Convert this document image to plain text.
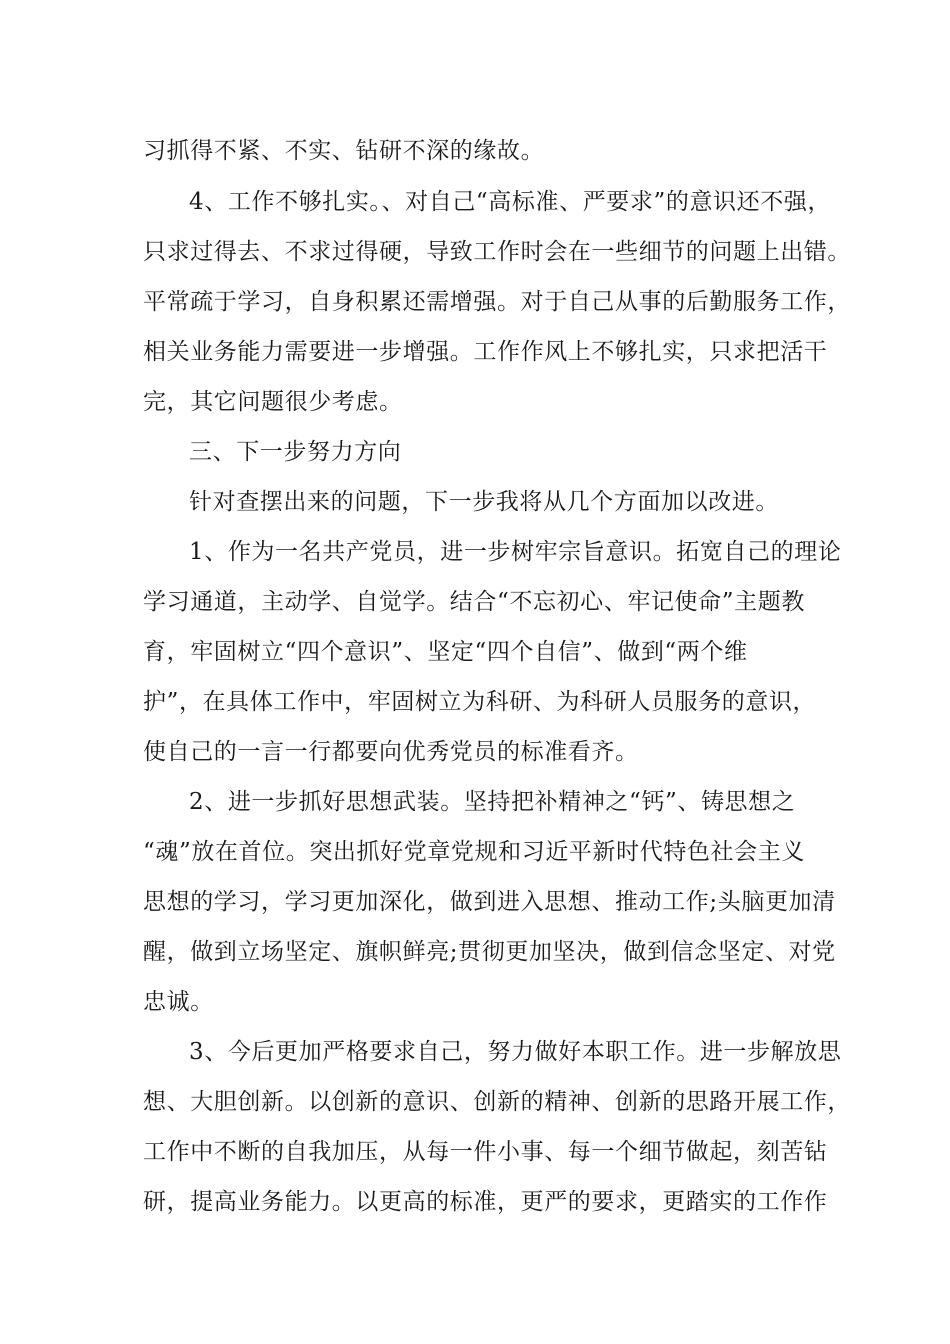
习抓得不紧、不实、钻研不深的缘故。
4、工作不够扎实。、对自己“高标准、严要求”的意识还不强，
只求过得去、不求过得硬，导致工作时会在一些细节的问题上出错。
平常疏于学习，自身积累还需增强。对于自己从事的后勤服务工作，
相关业务能力需要进一步增强。工作作风上不够扎实，只求把活干
完，其它问题很少考虑。
三、下一步努力方向
针对查摆出来的问题，下一步我将从几个方面加以改进。
1、作为一名共产党员，进一步树牢宗旨意识。拓宽自己的理论
学习通道，主动学、自觉学。结合“不忘初心、牢记使命”主题教
育，牢固树立“四个意识”、坚定“四个自信”、做到“两个维
护”，在具体工作中，牢固树立为科研、为科研人员服务的意识，
使自己的一言一行都要向优秀党员的标准看齐。
2、进一步抓好思想武装。坚持把补精神之“钙”、铸思想之
“魂”放在首位。突出抓好党章党规和习近平新时代特色社会主义
思想的学习，学习更加深化，做到进入思想、推动工作;头脑更加清
醒，做到立场坚定、旗帜鲜亮;贯彻更加坚决，做到信念坚定、对党
忠诚。
3、今后更加严格要求自己，努力做好本职工作。进一步解放思
想、大胆创新。以创新的意识、创新的精神、创新的思路开展工作，
工作中不断的自我加压，从每一件小事、每一个细节做起，刻苦钻
研，提高业务能力。以更高的标准，更严的要求，更踏实的工作作
